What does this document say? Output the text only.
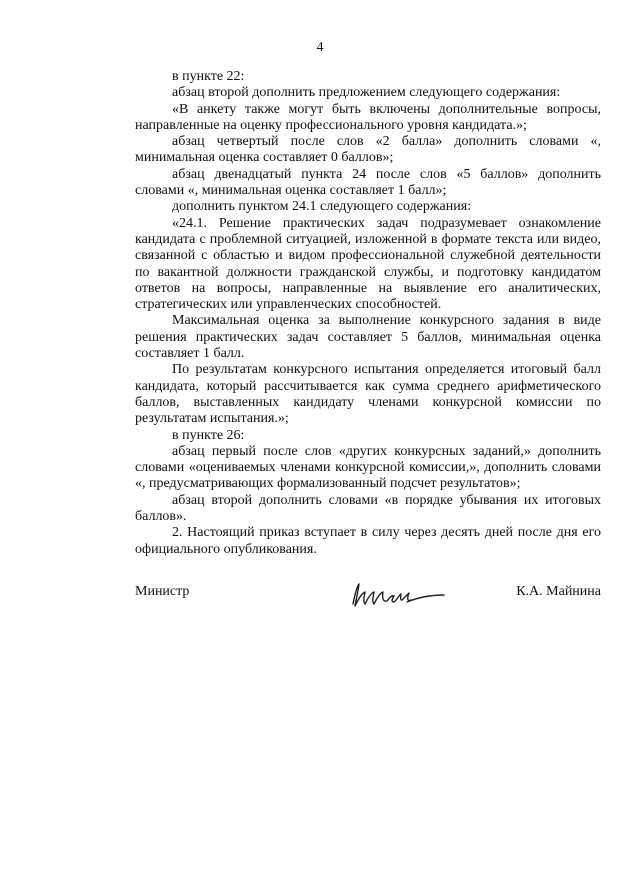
4

в пункте 22:

абзац второй дополнить предложением следующего содержания:

«В анкету также могут быть включены дополнительные вопросы, направленные на оценку профессионального уровня кандидата.»;

абзац четвертый после слов «2 балла» дополнить словами «, минимальная оценка составляет 0 баллов»;

абзац двенадцатый пункта 24 после слов «5 баллов» дополнить словами «, минимальная оценка составляет 1 балл»;

дополнить пунктом 24.1 следующего содержания:

«24.1. Решение практических задач подразумевает ознакомление кандидата с проблемной ситуацией, изложенной в формате текста или видео, связанной с областью и видом профессиональной служебной деятельности по вакантной должности гражданской службы, и подготовку кандидатом ответов на вопросы, направленные на выявление его аналитических, стратегических или управленческих способностей.

Максимальная оценка за выполнение конкурсного задания в виде решения практических задач составляет 5 баллов, минимальная оценка составляет 1 балл.

По результатам конкурсного испытания определяется итоговый балл кандидата, который рассчитывается как сумма среднего арифметического баллов, выставленных кандидату членами конкурсной комиссии по результатам испытания.»;

в пункте 26:

абзац первый после слов «других конкурсных заданий,» дополнить словами «оцениваемых членами конкурсной комиссии,», дополнить словами «, предусматривающих формализованный подсчет результатов»;

абзац второй дополнить словами «в порядке убывания их итоговых баллов».

2. Настоящий приказ вступает в силу через десять дней после дня его официального опубликования.

Министр	К.А. Майнина
